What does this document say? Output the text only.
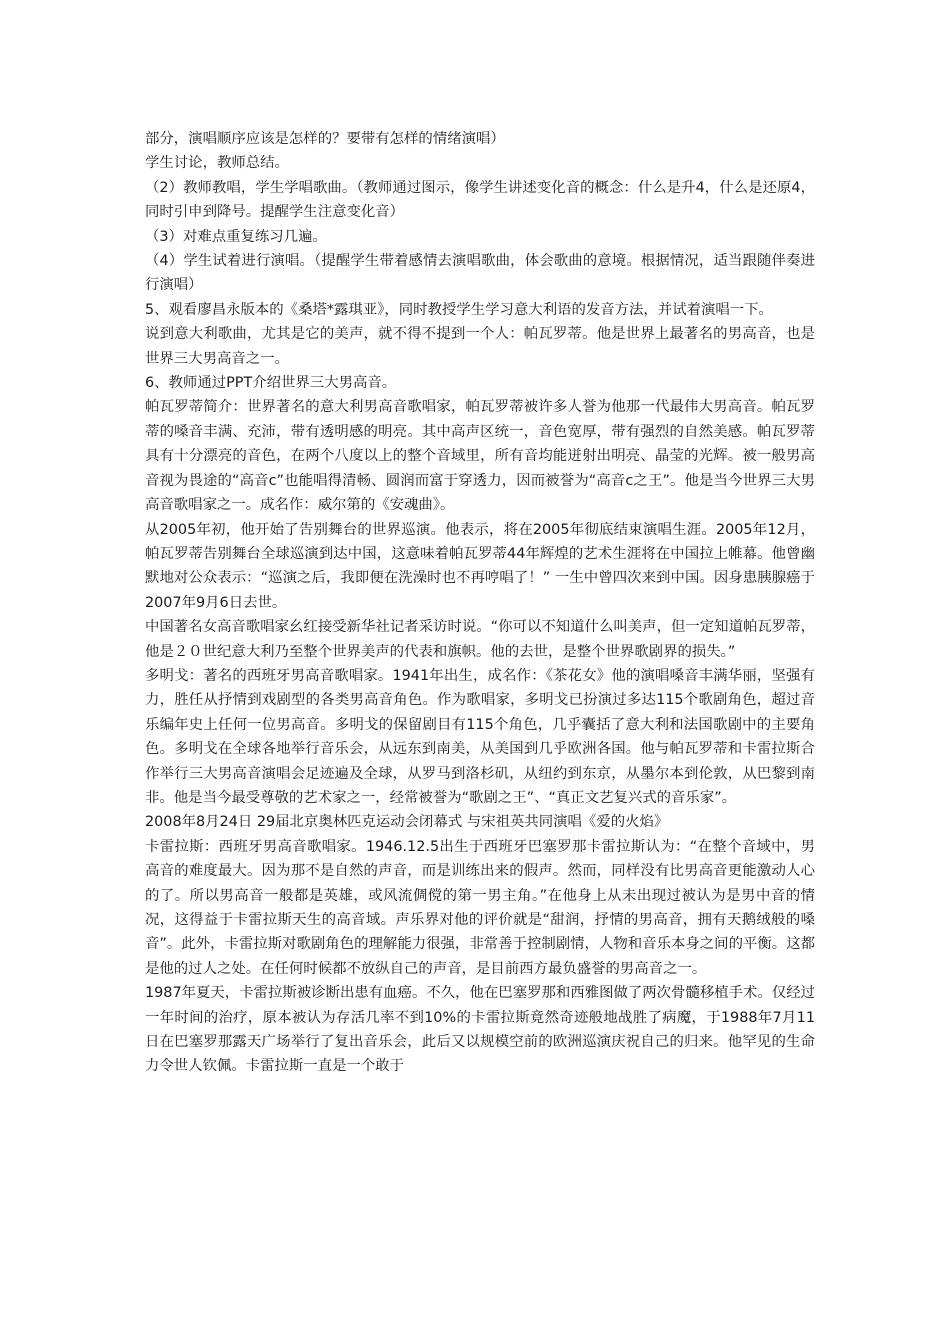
部分，演唱顺序应该是怎样的？要带有怎样的情绪演唱）

学生讨论，教师总结。

（2）教师教唱，学生学唱歌曲。（教师通过图示，像学生讲述变化音的概念：什么是升4，什么是还原4，同时引申到降号。提醒学生注意变化音）

（3）对难点重复练习几遍。

（4）学生试着进行演唱。（提醒学生带着感情去演唱歌曲，体会歌曲的意境。根据情况，适当跟随伴奏进行演唱）

5、观看廖昌永版本的《桑塔*露琪亚》，同时教授学生学习意大利语的发音方法，并试着演唱一下。

说到意大利歌曲，尤其是它的美声，就不得不提到一个人：帕瓦罗蒂。他是世界上最著名的男高音，也是世界三大男高音之一。

6、教师通过PPT介绍世界三大男高音。

帕瓦罗蒂简介：世界著名的意大利男高音歌唱家，帕瓦罗蒂被许多人誉为他那一代最伟大男高音。帕瓦罗蒂的嗓音丰满、充沛，带有透明感的明亮。其中高声区统一，音色宽厚，带有强烈的自然美感。帕瓦罗蒂具有十分漂亮的音色，在两个八度以上的整个音域里，所有音均能迸射出明亮、晶莹的光辉。被一般男高音视为畏途的“高音c”也能唱得清畅、圆润而富于穿透力，因而被誉为“高音c之王”。他是当今世界三大男高音歌唱家之一。成名作：威尔第的《安魂曲》。

从2005年初，他开始了告别舞台的世界巡演。他表示，将在2005年彻底结束演唱生涯。2005年12月，帕瓦罗蒂告别舞台全球巡演到达中国，这意味着帕瓦罗蒂44年辉煌的艺术生涯将在中国拉上帷幕。他曾幽默地对公众表示：“巡演之后，我即便在洗澡时也不再哼唱了！” 一生中曾四次来到中国。因身患胰腺癌于2007年9月6日去世。

中国著名女高音歌唱家幺红接受新华社记者采访时说。“你可以不知道什么叫美声，但一定知道帕瓦罗蒂，他是２０世纪意大利乃至整个世界美声的代表和旗帜。他的去世，是整个世界歌剧界的损失。”

多明戈：著名的西班牙男高音歌唱家。1941年出生，成名作：《茶花女》他的演唱嗓音丰满华丽，坚强有力，胜任从抒情到戏剧型的各类男高音角色。作为歌唱家，多明戈已扮演过多达115个歌剧角色，超过音乐编年史上任何一位男高音。多明戈的保留剧目有115个角色，几乎囊括了意大利和法国歌剧中的主要角色。多明戈在全球各地举行音乐会，从远东到南美，从美国到几乎欧洲各国。他与帕瓦罗蒂和卡雷拉斯合作举行三大男高音演唱会足迹遍及全球，从罗马到洛杉矶，从纽约到东京，从墨尔本到伦敦，从巴黎到南非。他是当今最受尊敬的艺术家之一，经常被誉为“歌剧之王”、“真正文艺复兴式的音乐家”。

2008年8月24日 29届北京奥林匹克运动会闭幕式 与宋祖英共同演唱《爱的火焰》

卡雷拉斯：西班牙男高音歌唱家。1946.12.5出生于西班牙巴塞罗那卡雷拉斯认为：“在整个音域中，男高音的难度最大。因为那不是自然的声音，而是训练出来的假声。然而，同样没有比男高音更能激动人心的了。所以男高音一般都是英雄，或风流倜傥的第一男主角。”在他身上从未出现过被认为是男中音的情况，这得益于卡雷拉斯天生的高音域。声乐界对他的评价就是“甜润，抒情的男高音，拥有天鹅绒般的嗓音”。此外，卡雷拉斯对歌剧角色的理解能力很强，非常善于控制剧情，人物和音乐本身之间的平衡。这都是他的过人之处。在任何时候都不放纵自己的声音，是目前西方最负盛誉的男高音之一。

1987年夏天，卡雷拉斯被诊断出患有血癌。不久，他在巴塞罗那和西雅图做了两次骨髓移植手术。仅经过一年时间的治疗，原本被认为存活几率不到10%的卡雷拉斯竟然奇迹般地战胜了病魔，于1988年7月11日在巴塞罗那露天广场举行了复出音乐会，此后又以规模空前的欧洲巡演庆祝自己的归来。他罕见的生命力令世人钦佩。卡雷拉斯一直是一个敢于
